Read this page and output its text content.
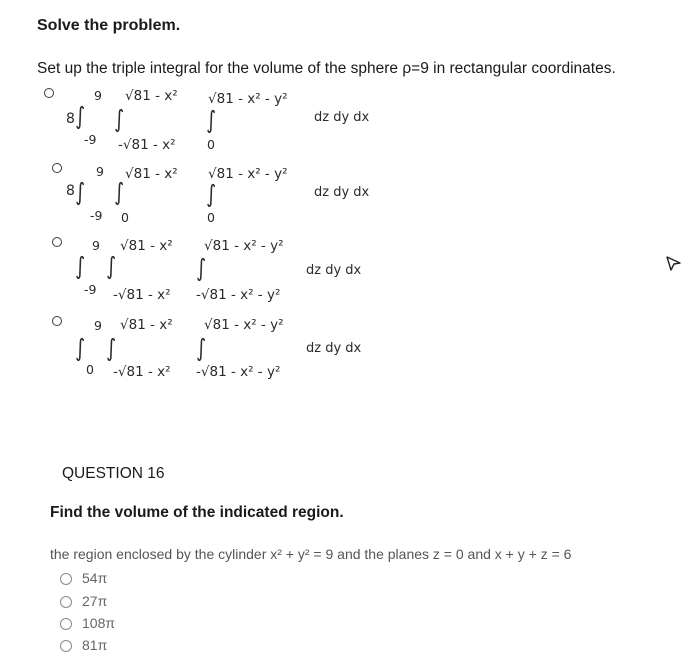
Solve the problem.
Set up the triple integral for the volume of the sphere ρ=9 in rectangular coordinates.
8 ∫
9
-9
∫
√81 - x²
-√81 - x²
∫
√81 - x² - y²
0
dz dy dx
8 ∫
9
-9
∫
√81 - x²
0
∫
√81 - x² - y²
0
dz dy dx
∫
9
-9
∫
√81 - x²
-√81 - x²
∫
√81 - x² - y²
-√81 - x² - y²
dz dy dx
∫
9
0
∫
√81 - x²
-√81 - x²
∫
√81 - x² - y²
-√81 - x² - y²
dz dy dx
QUESTION 16
Find the volume of the indicated region.
the region enclosed by the cylinder x² + y² = 9 and the planes z = 0 and x + y + z = 6
54π
27π
108π
81π
